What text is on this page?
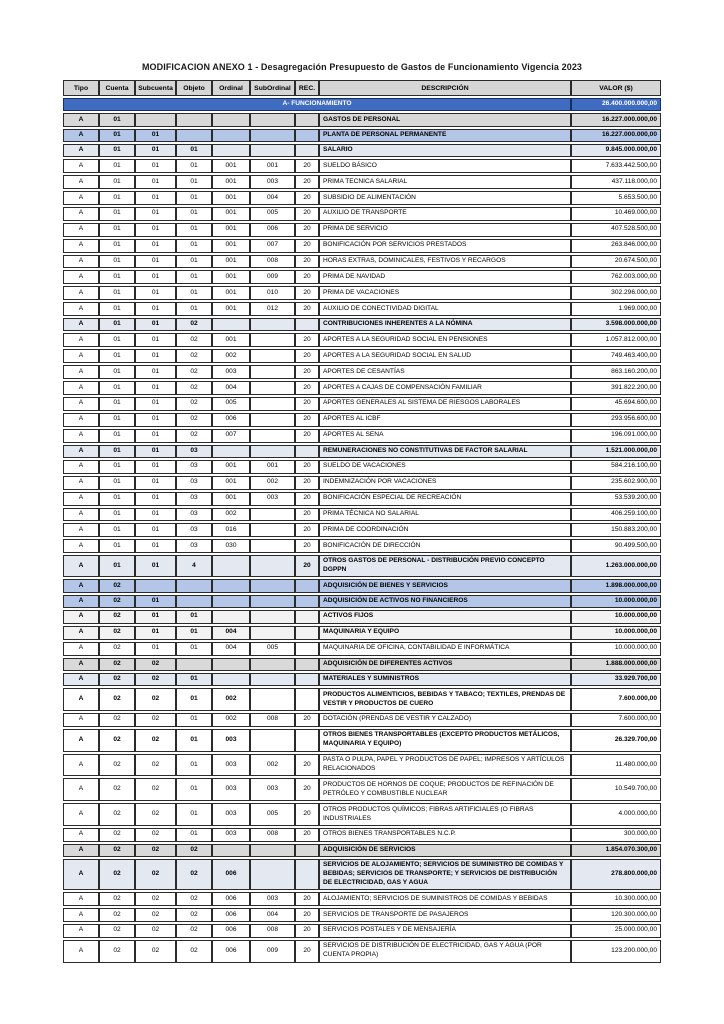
MODIFICACION ANEXO 1 - Desagregación Presupuesto de Gastos de Funcionamiento Vigencia 2023
Tipo	Cuenta	Subcuenta	Objeto	Ordinal	SubOrdinal	REC.	DESCRIPCIÓN	VALOR ($)
A- FUNCIONAMIENTO								26.400.000.000,00
A	01						GASTOS DE PERSONAL	16.227.000.000,00
A	01	01					PLANTA DE PERSONAL PERMANENTE	16.227.000.000,00
A	01	01	01				SALARIO	9.845.000.000,00
A	01	01	01	001	001	20	SUELDO BÁSICO	7.633.442.500,00
A	01	01	01	001	003	20	PRIMA TECNICA SALARIAL	437.118.000,00
A	01	01	01	001	004	20	SUBSIDIO DE ALIMENTACIÓN	5.653.500,00
A	01	01	01	001	005	20	AUXILIO DE TRANSPORTE	10.469.000,00
A	01	01	01	001	006	20	PRIMA DE SERVICIO	407.528.500,00
A	01	01	01	001	007	20	BONIFICACIÓN POR SERVICIOS PRESTADOS	263.846.000,00
A	01	01	01	001	008	20	HORAS EXTRAS, DOMINICALES, FESTIVOS Y RECARGOS	20.674.500,00
A	01	01	01	001	009	20	PRIMA DE NAVIDAD	762.003.000,00
A	01	01	01	001	010	20	PRIMA DE VACACIONES	302.296.000,00
A	01	01	01	001	012	20	AUXILIO DE CONECTIVIDAD DIGITAL	1.969.000,00
A	01	01	02				CONTRIBUCIONES INHERENTES A LA NÓMINA	3.598.000.000,00
A	01	01	02	001		20	APORTES A LA SEGURIDAD SOCIAL EN PENSIONES	1.057.812.000,00
A	01	01	02	002		20	APORTES A LA SEGURIDAD SOCIAL EN SALUD	749.463.400,00
A	01	01	02	003		20	APORTES DE CESANTÍAS	863.160.200,00
A	01	01	02	004		20	APORTES A CAJAS DE COMPENSACIÓN FAMILIAR	391.822.200,00
A	01	01	02	005		20	APORTES GENERALES AL SISTEMA DE RIESGOS LABORALES	45.694.600,00
A	01	01	02	006		20	APORTES AL ICBF	293.956.600,00
A	01	01	02	007		20	APORTES AL SENA	196.091.000,00
A	01	01	03				REMUNERACIONES NO CONSTITUTIVAS DE FACTOR SALARIAL	1.521.000.000,00
A	01	01	03	001	001	20	SUELDO DE VACACIONES	584.216.100,00
A	01	01	03	001	002	20	INDEMNIZACIÓN POR VACACIONES	235.602.900,00
A	01	01	03	001	003	20	BONIFICACIÓN ESPECIAL DE RECREACIÓN	53.539.200,00
A	01	01	03	002		20	PRIMA TÉCNICA NO SALARIAL	406.259.100,00
A	01	01	03	016		20	PRIMA DE COORDINACIÓN	150.883.200,00
A	01	01	03	030		20	BONIFICACIÓN DE DIRECCIÓN	90.499.500,00
A	01	01	4			20	OTROS GASTOS DE PERSONAL - DISTRIBUCIÓN PREVIO CONCEPTO DGPPN	1.263.000.000,00
A	02						ADQUISICIÓN DE BIENES Y SERVICIOS	1.898.000.000,00
A	02	01					ADQUISICIÓN DE ACTIVOS NO FINANCIEROS	10.000.000,00
A	02	01	01				ACTIVOS FIJOS	10.000.000,00
A	02	01	01	004			MAQUINARIA Y EQUIPO	10.000.000,00
A	02	01	01	004	005		MAQUINARIA DE OFICINA, CONTABILIDAD E INFORMÁTICA	10.000.000,00
A	02	02					ADQUISICIÓN DE DIFERENTES ACTIVOS	1.888.000.000,00
A	02	02	01				MATERIALES Y SUMINISTROS	33.929.700,00
A	02	02	01	002			PRODUCTOS ALIMENTICIOS, BEBIDAS Y TABACO; TEXTILES, PRENDAS DE VESTIR Y PRODUCTOS DE CUERO	7.600.000,00
A	02	02	01	002	008	20	DOTACIÓN (PRENDAS DE VESTIR Y CALZADO)	7.600.000,00
A	02	02	01	003			OTROS BIENES TRANSPORTABLES (EXCEPTO PRODUCTOS METÁLICOS, MAQUINARIA Y EQUIPO)	26.329.700,00
A	02	02	01	003	002	20	PASTA O PULPA, PAPEL Y PRODUCTOS DE PAPEL; IMPRESOS Y ARTÍCULOS RELACIONADOS	11.480.000,00
A	02	02	01	003	003	20	PRODUCTOS DE HORNOS DE COQUE; PRODUCTOS DE REFINACIÓN DE PETRÓLEO Y COMBUSTIBLE NUCLEAR	10.549.700,00
A	02	02	01	003	005	20	OTROS PRODUCTOS QUÍMICOS; FIBRAS ARTIFICIALES (O FIBRAS INDUSTRIALES	4.000.000,00
A	02	02	01	003	008	20	OTROS BIENES TRANSPORTABLES N.C.P.	300.000,00
A	02	02	02				ADQUISICIÓN DE SERVICIOS	1.854.070.300,00
A	02	02	02	006			SERVICIOS DE ALOJAMIENTO; SERVICIOS DE SUMINISTRO DE COMIDAS Y BEBIDAS; SERVICIOS DE TRANSPORTE; Y SERVICIOS DE DISTRIBUCIÓN DE ELECTRICIDAD, GAS Y AGUA	278.800.000,00
A	02	02	02	006	003	20	ALOJAMIENTO; SERVICIOS DE SUMINISTROS DE COMIDAS Y BEBIDAS	10.300.000,00
A	02	02	02	006	004	20	SERVICIOS DE TRANSPORTE DE PASAJEROS	120.300.000,00
A	02	02	02	006	008	20	SERVICIOS POSTALES Y DE MENSAJERÍA	25.000.000,00
A	02	02	02	006	009	20	SERVICIOS DE DISTRIBUCIÓN DE ELECTRICIDAD, GAS Y AGUA (POR CUENTA PROPIA)	123.200.000,00
